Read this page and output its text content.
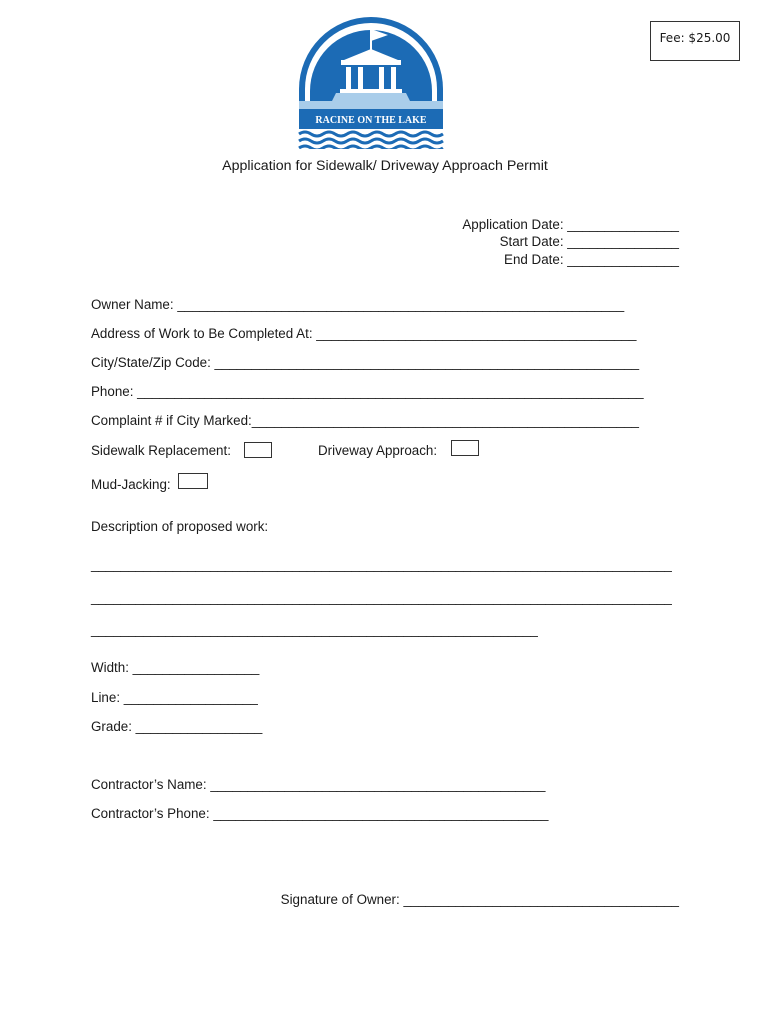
Fee: $25.00
RACINE ON THE LAKE
Application for Sidewalk/ Driveway Approach Permit
Application Date: _______________
Start Date: _______________
End Date: _______________
Owner Name: ____________________________________________________________
Address of Work to Be Completed At: ___________________________________________
City/State/Zip Code: _________________________________________________________
Phone: ____________________________________________________________________
Complaint # if City Marked:____________________________________________________
Sidewalk Replacement:	Driveway Approach:
Mud-Jacking:
Description of proposed work:
______________________________________________________________________________
______________________________________________________________________________
____________________________________________________________
Width: _________________
Line: __________________
Grade: _________________
Contractor’s Name: _____________________________________________
Contractor’s Phone: _____________________________________________
Signature of Owner: _____________________________________
